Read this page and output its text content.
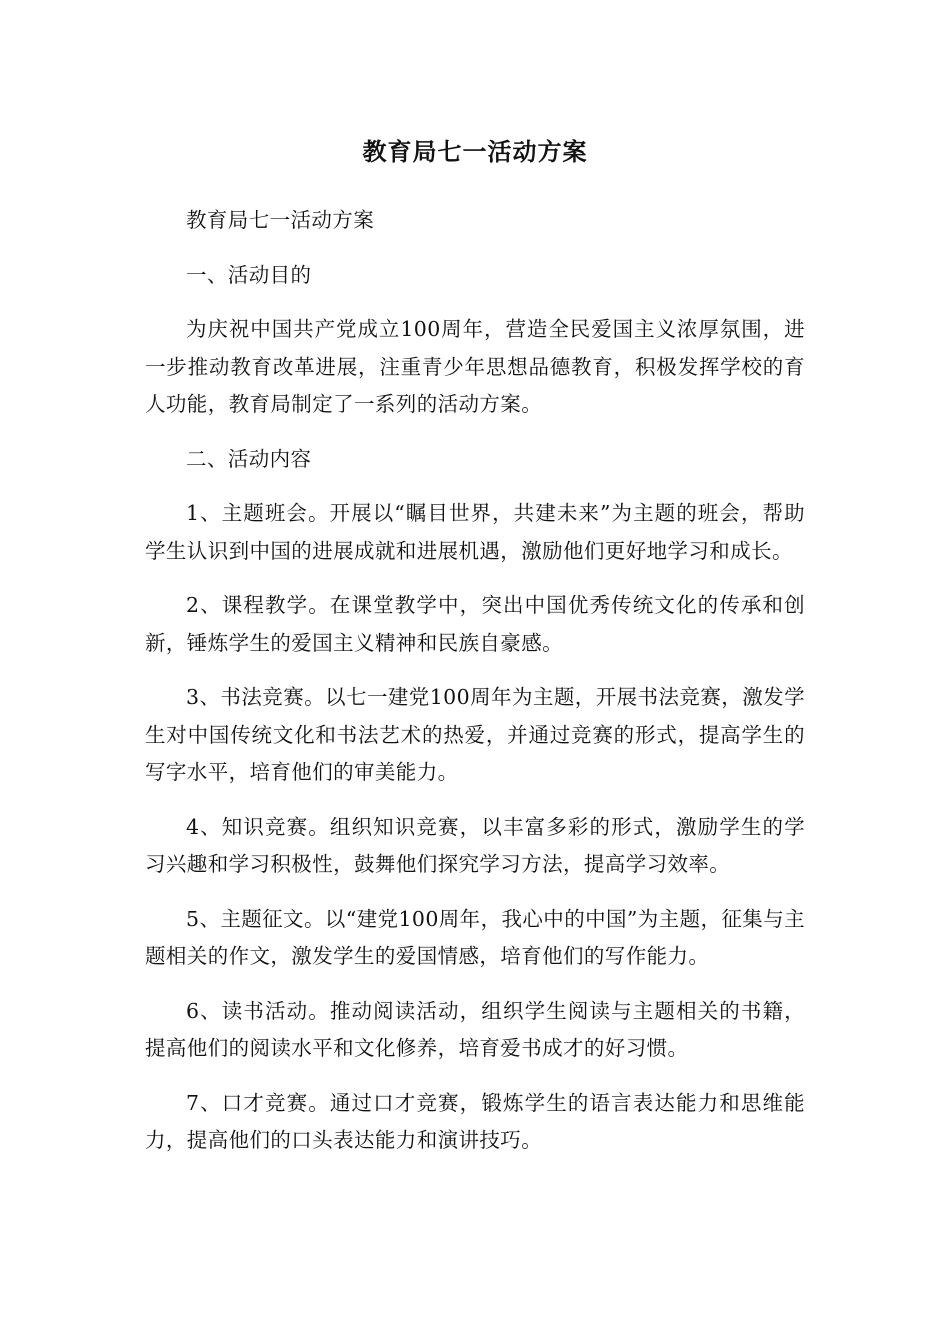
教育局七一活动方案

教育局七一活动方案

一、活动目的

为庆祝中国共产党成立100周年，营造全民爱国主义浓厚氛围，进一步推动教育改革进展，注重青少年思想品德教育，积极发挥学校的育人功能，教育局制定了一系列的活动方案。

二、活动内容

1、主题班会。开展以“瞩目世界，共建未来”为主题的班会，帮助学生认识到中国的进展成就和进展机遇，激励他们更好地学习和成长。

2、课程教学。在课堂教学中，突出中国优秀传统文化的传承和创新，锤炼学生的爱国主义精神和民族自豪感。

3、书法竞赛。以七一建党100周年为主题，开展书法竞赛，激发学生对中国传统文化和书法艺术的热爱，并通过竞赛的形式，提高学生的写字水平，培育他们的审美能力。

4、知识竞赛。组织知识竞赛，以丰富多彩的形式，激励学生的学习兴趣和学习积极性，鼓舞他们探究学习方法，提高学习效率。

5、主题征文。以“建党100周年，我心中的中国”为主题，征集与主题相关的作文，激发学生的爱国情感，培育他们的写作能力。

6、读书活动。推动阅读活动，组织学生阅读与主题相关的书籍，提高他们的阅读水平和文化修养，培育爱书成才的好习惯。

7、口才竞赛。通过口才竞赛，锻炼学生的语言表达能力和思维能力，提高他们的口头表达能力和演讲技巧。
